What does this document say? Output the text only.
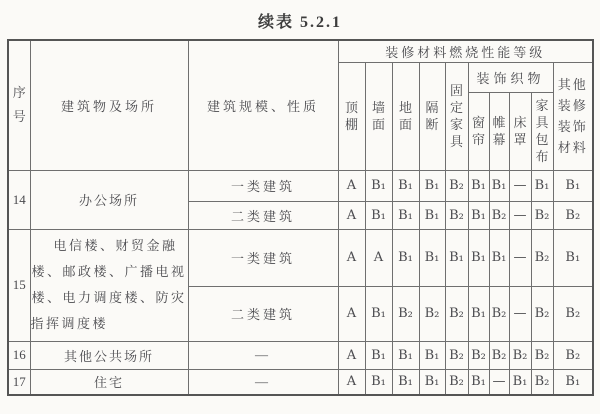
续表 5.2.1
序号	建筑物及场所	建筑规模、性质	装修材料燃烧性能等级									
			顶棚	墙面	地面	隔断	固定家具	装饰织物				其他装修装饰材料
								窗帘	帷幕	床罩	家具包布	
14	办公场所	一类建筑	A	B₁	B₁	B₁	B₂	B₁	B₁	—	B₁	B₁
		二类建筑	A	B₁	B₁	B₁	B₂	B₁	B₂	—	B₂	B₂
15	电信楼、财贸金融楼、邮政楼、广播电视楼、电力调度楼、防灾指挥调度楼	一类建筑	A	A	B₁	B₁	B₁	B₁	B₁	—	B₂	B₁
		二类建筑	A	B₁	B₂	B₂	B₂	B₁	B₂	—	B₂	B₂
16	其他公共场所	—	A	B₁	B₁	B₁	B₂	B₂	B₂	B₂	B₂	B₂
17	住宅	—	A	B₁	B₁	B₁	B₂	B₁	—	B₁	B₂	B₁
